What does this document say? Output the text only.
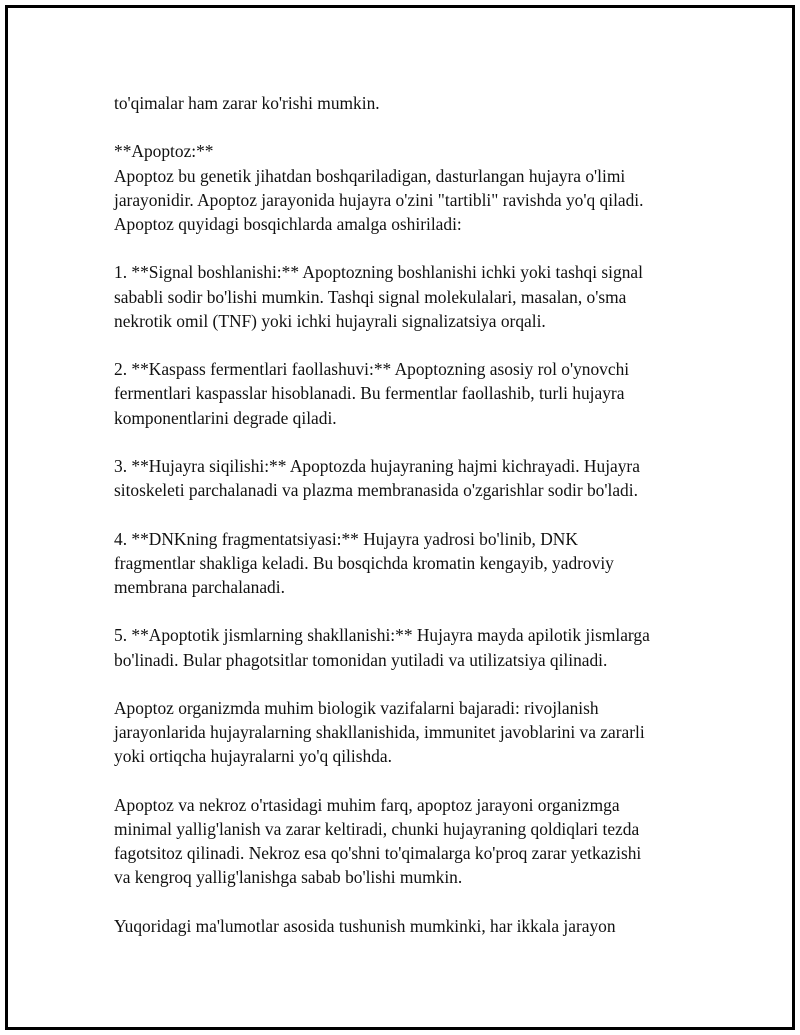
to'qimalar ham zarar ko'rishi mumkin.

**Apoptoz:**

Apoptoz bu genetik jihatdan boshqariladigan, dasturlangan hujayra o'limi
jarayonidir. Apoptoz jarayonida hujayra o'zini "tartibli" ravishda yo'q qiladi.
Apoptoz quyidagi bosqichlarda amalga oshiriladi:

1. **Signal boshlanishi:** Apoptozning boshlanishi ichki yoki tashqi signal
sababli sodir bo'lishi mumkin. Tashqi signal molekulalari, masalan, o'sma
nekrotik omil (TNF) yoki ichki hujayrali signalizatsiya orqali.

2. **Kaspass fermentlari faollashuvi:** Apoptozning asosiy rol o'ynovchi
fermentlari kaspasslar hisoblanadi. Bu fermentlar faollashib, turli hujayra
komponentlarini degrade qiladi.

3. **Hujayra siqilishi:** Apoptozda hujayraning hajmi kichrayadi. Hujayra
sitoskeleti parchalanadi va plazma membranasida o'zgarishlar sodir bo'ladi.

4. **DNKning fragmentatsiyasi:** Hujayra yadrosi bo'linib, DNK
fragmentlar shakliga keladi. Bu bosqichda kromatin kengayib, yadroviy
membrana parchalanadi.

5. **Apoptotik jismlarning shakllanishi:** Hujayra mayda apilotik jismlarga
bo'linadi. Bular phagotsitlar tomonidan yutiladi va utilizatsiya qilinadi.

Apoptoz organizmda muhim biologik vazifalarni bajaradi: rivojlanish
jarayonlarida hujayralarning shakllanishida, immunitet javoblarini va zararli
yoki ortiqcha hujayralarni yo'q qilishda.

Apoptoz va nekroz o'rtasidagi muhim farq, apoptoz jarayoni organizmga
minimal yallig'lanish va zarar keltiradi, chunki hujayraning qoldiqlari tezda
fagotsitoz qilinadi. Nekroz esa qo'shni to'qimalarga ko'proq zarar yetkazishi
va kengroq yallig'lanishga sabab bo'lishi mumkin.

Yuqoridagi ma'lumotlar asosida tushunish mumkinki, har ikkala jarayon
